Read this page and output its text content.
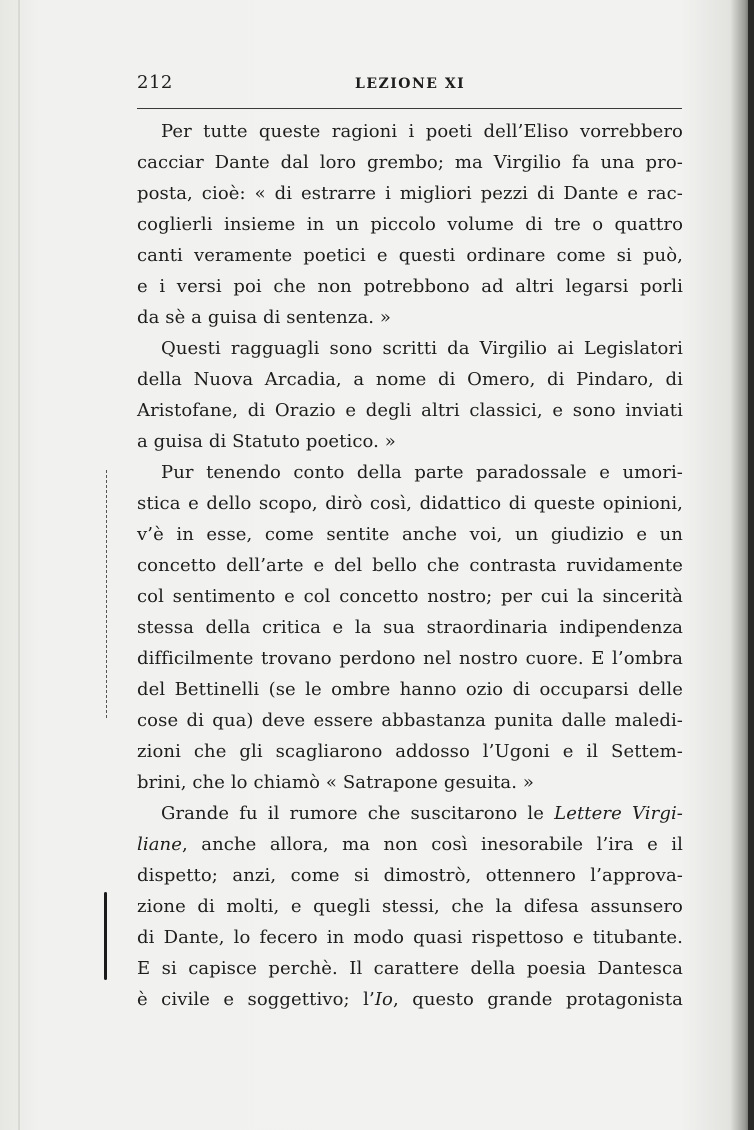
212	LEZIONE XI
Per tutte queste ragioni i poeti dell’Eliso vorrebbero
cacciar Dante dal loro grembo; ma Virgilio fa una pro-
posta, cioè: « di estrarre i migliori pezzi di Dante e rac-
coglierli insieme in un piccolo volume di tre o quattro
canti veramente poetici e questi ordinare come si può,
e i versi poi che non potrebbono ad altri legarsi porli
da sè a guisa di sentenza. »
Questi ragguagli sono scritti da Virgilio ai Legislatori
della Nuova Arcadia, a nome di Omero, di Pindaro, di
Aristofane, di Orazio e degli altri classici, e sono inviati
a guisa di Statuto poetico. »
Pur tenendo conto della parte paradossale e umori-
stica e dello scopo, dirò così, didattico di queste opinioni,
v’è in esse, come sentite anche voi, un giudizio e un
concetto dell’arte e del bello che contrasta ruvidamente
col sentimento e col concetto nostro; per cui la sincerità
stessa della critica e la sua straordinaria indipendenza
difficilmente trovano perdono nel nostro cuore. E l’ombra
del Bettinelli (se le ombre hanno ozio di occuparsi delle
cose di qua) deve essere abbastanza punita dalle maledi-
zioni che gli scagliarono addosso l’Ugoni e il Settem-
brini, che lo chiamò « Satrapone gesuita. »
Grande fu il rumore che suscitarono le Lettere Virgi-
liane, anche allora, ma non così inesorabile l’ira e il
dispetto; anzi, come si dimostrò, ottennero l’approva-
zione di molti, e quegli stessi, che la difesa assunsero
di Dante, lo fecero in modo quasi rispettoso e titubante.
E si capisce perchè. Il carattere della poesia Dantesca
è civile e soggettivo; l’Io, questo grande protagonista
